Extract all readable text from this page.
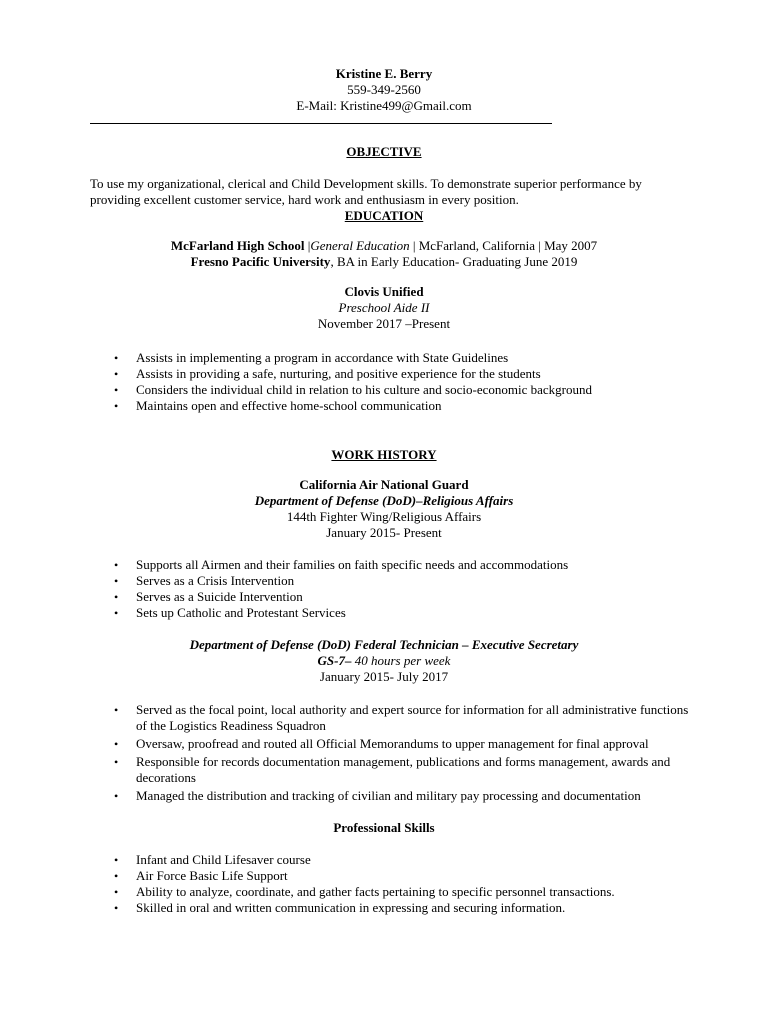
Kristine E. Berry
559-349-2560
E-Mail: Kristine499@Gmail.com
OBJECTIVE
To use my organizational, clerical and Child Development skills. To demonstrate superior performance by
providing excellent customer service, hard work and enthusiasm in every position.
EDUCATION
McFarland High School |General Education | McFarland, California | May 2007
Fresno Pacific University, BA in Early Education- Graduating June 2019
Clovis Unified
Preschool Aide II
November 2017 –Present
• Assists in implementing a program in accordance with State Guidelines
• Assists in providing a safe, nurturing, and positive experience for the students
• Considers the individual child in relation to his culture and socio-economic background
• Maintains open and effective home-school communication
WORK HISTORY
California Air National Guard
Department of Defense (DoD)–Religious Affairs
144th Fighter Wing/Religious Affairs
January 2015- Present
• Supports all Airmen and their families on faith specific needs and accommodations
• Serves as a Crisis Intervention
• Serves as a Suicide Intervention
• Sets up Catholic and Protestant Services
Department of Defense (DoD) Federal Technician – Executive Secretary
GS-7– 40 hours per week
January 2015- July 2017
• Served as the focal point, local authority and expert source for information for all administrative functions of the Logistics Readiness Squadron
• Oversaw, proofread and routed all Official Memorandums to upper management for final approval
• Responsible for records documentation management, publications and forms management, awards and decorations
• Managed the distribution and tracking of civilian and military pay processing and documentation
Professional Skills
• Infant and Child Lifesaver course
• Air Force Basic Life Support
• Ability to analyze, coordinate, and gather facts pertaining to specific personnel transactions.
• Skilled in oral and written communication in expressing and securing information.
